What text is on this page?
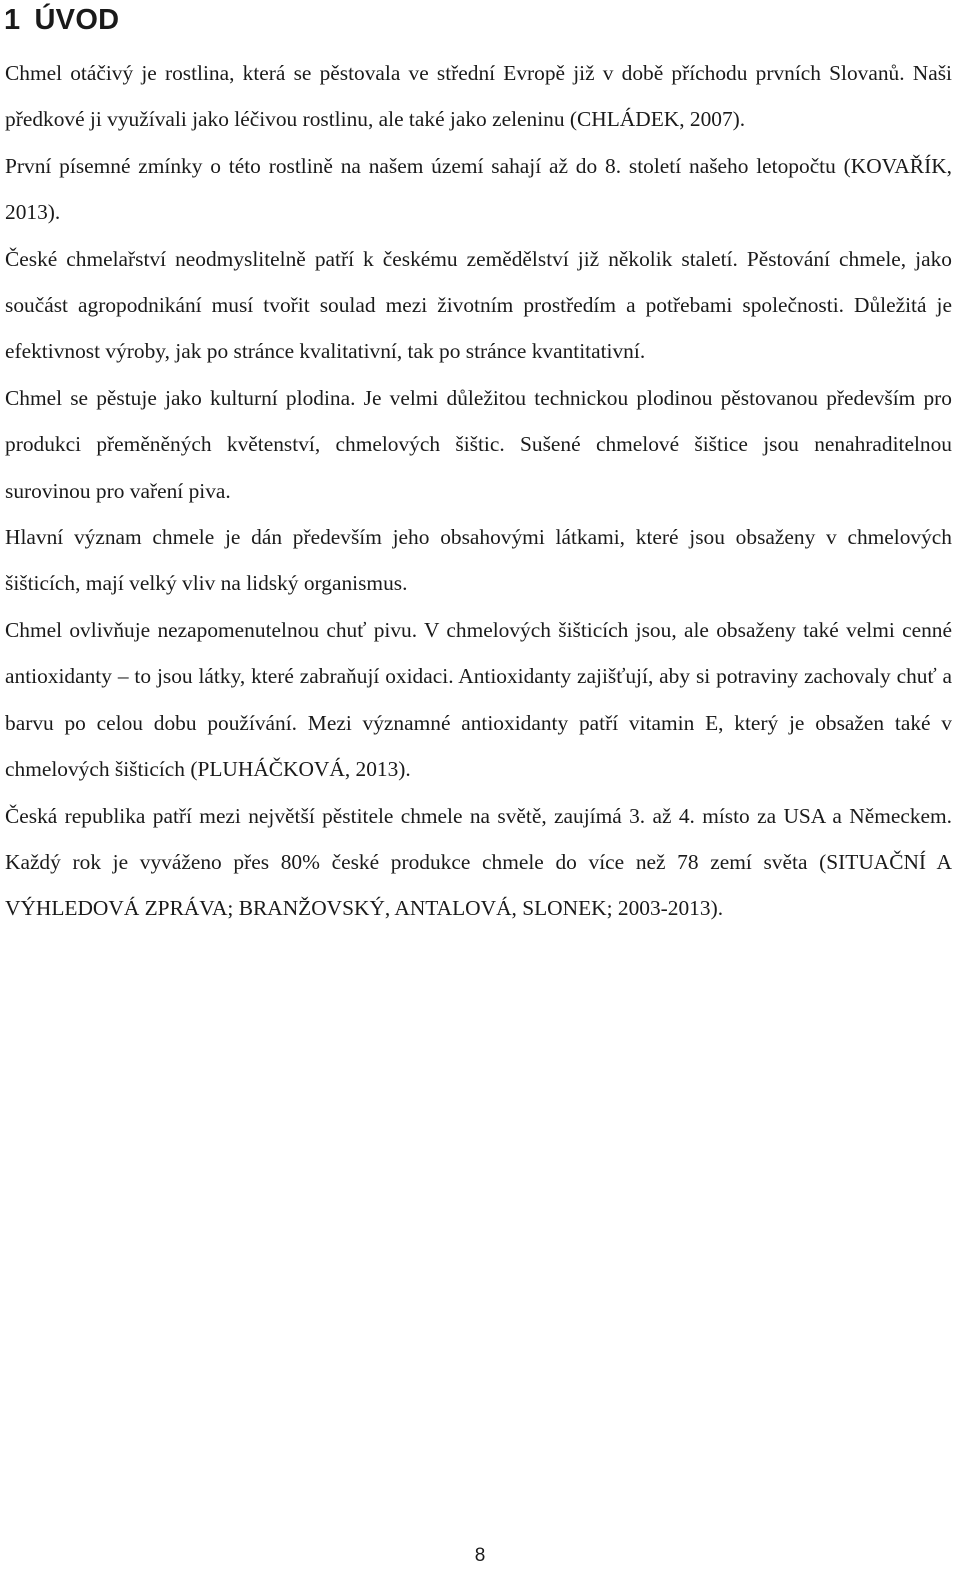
1 ÚVOD

Chmel otáčivý je rostlina, která se pěstovala ve střední Evropě již v době příchodu prvních Slovanů. Naši předkové ji využívali jako léčivou rostlinu, ale také jako zeleninu (CHLÁDEK, 2007).

První písemné zmínky o této rostlině na našem území sahají až do 8. století našeho letopočtu (KOVAŘÍK, 2013).

České chmelařství neodmyslitelně patří k českému zemědělství již několik staletí. Pěstování chmele, jako součást agropodnikání musí tvořit soulad mezi životním prostředím a potřebami společnosti. Důležitá je efektivnost výroby, jak po stránce kvalitativní, tak po stránce kvantitativní.

Chmel se pěstuje jako kulturní plodina. Je velmi důležitou technickou plodinou pěstovanou především pro produkci přeměněných květenství, chmelových šištic. Sušené chmelové šištice jsou nenahraditelnou surovinou pro vaření piva.

Hlavní význam chmele je dán především jeho obsahovými látkami, které jsou obsaženy v chmelových šišticích, mají velký vliv na lidský organismus.

Chmel ovlivňuje nezapomenutelnou chuť pivu. V chmelových šišticích jsou, ale obsaženy také velmi cenné antioxidanty – to jsou látky, které zabraňují oxidaci. Antioxidanty zajišťují, aby si potraviny zachovaly chuť a barvu po celou dobu používání. Mezi významné antioxidanty patří vitamin E, který je obsažen také v chmelových šišticích (PLUHÁČKOVÁ, 2013).

Česká republika patří mezi největší pěstitele chmele na světě, zaujímá 3. až 4. místo za USA a Německem. Každý rok je vyváženo přes 80% české produkce chmele do více než 78 zemí světa (SITUAČNÍ A VÝHLEDOVÁ ZPRÁVA; BRANŽOVSKÝ, ANTALOVÁ, SLONEK; 2003-2013).

8
